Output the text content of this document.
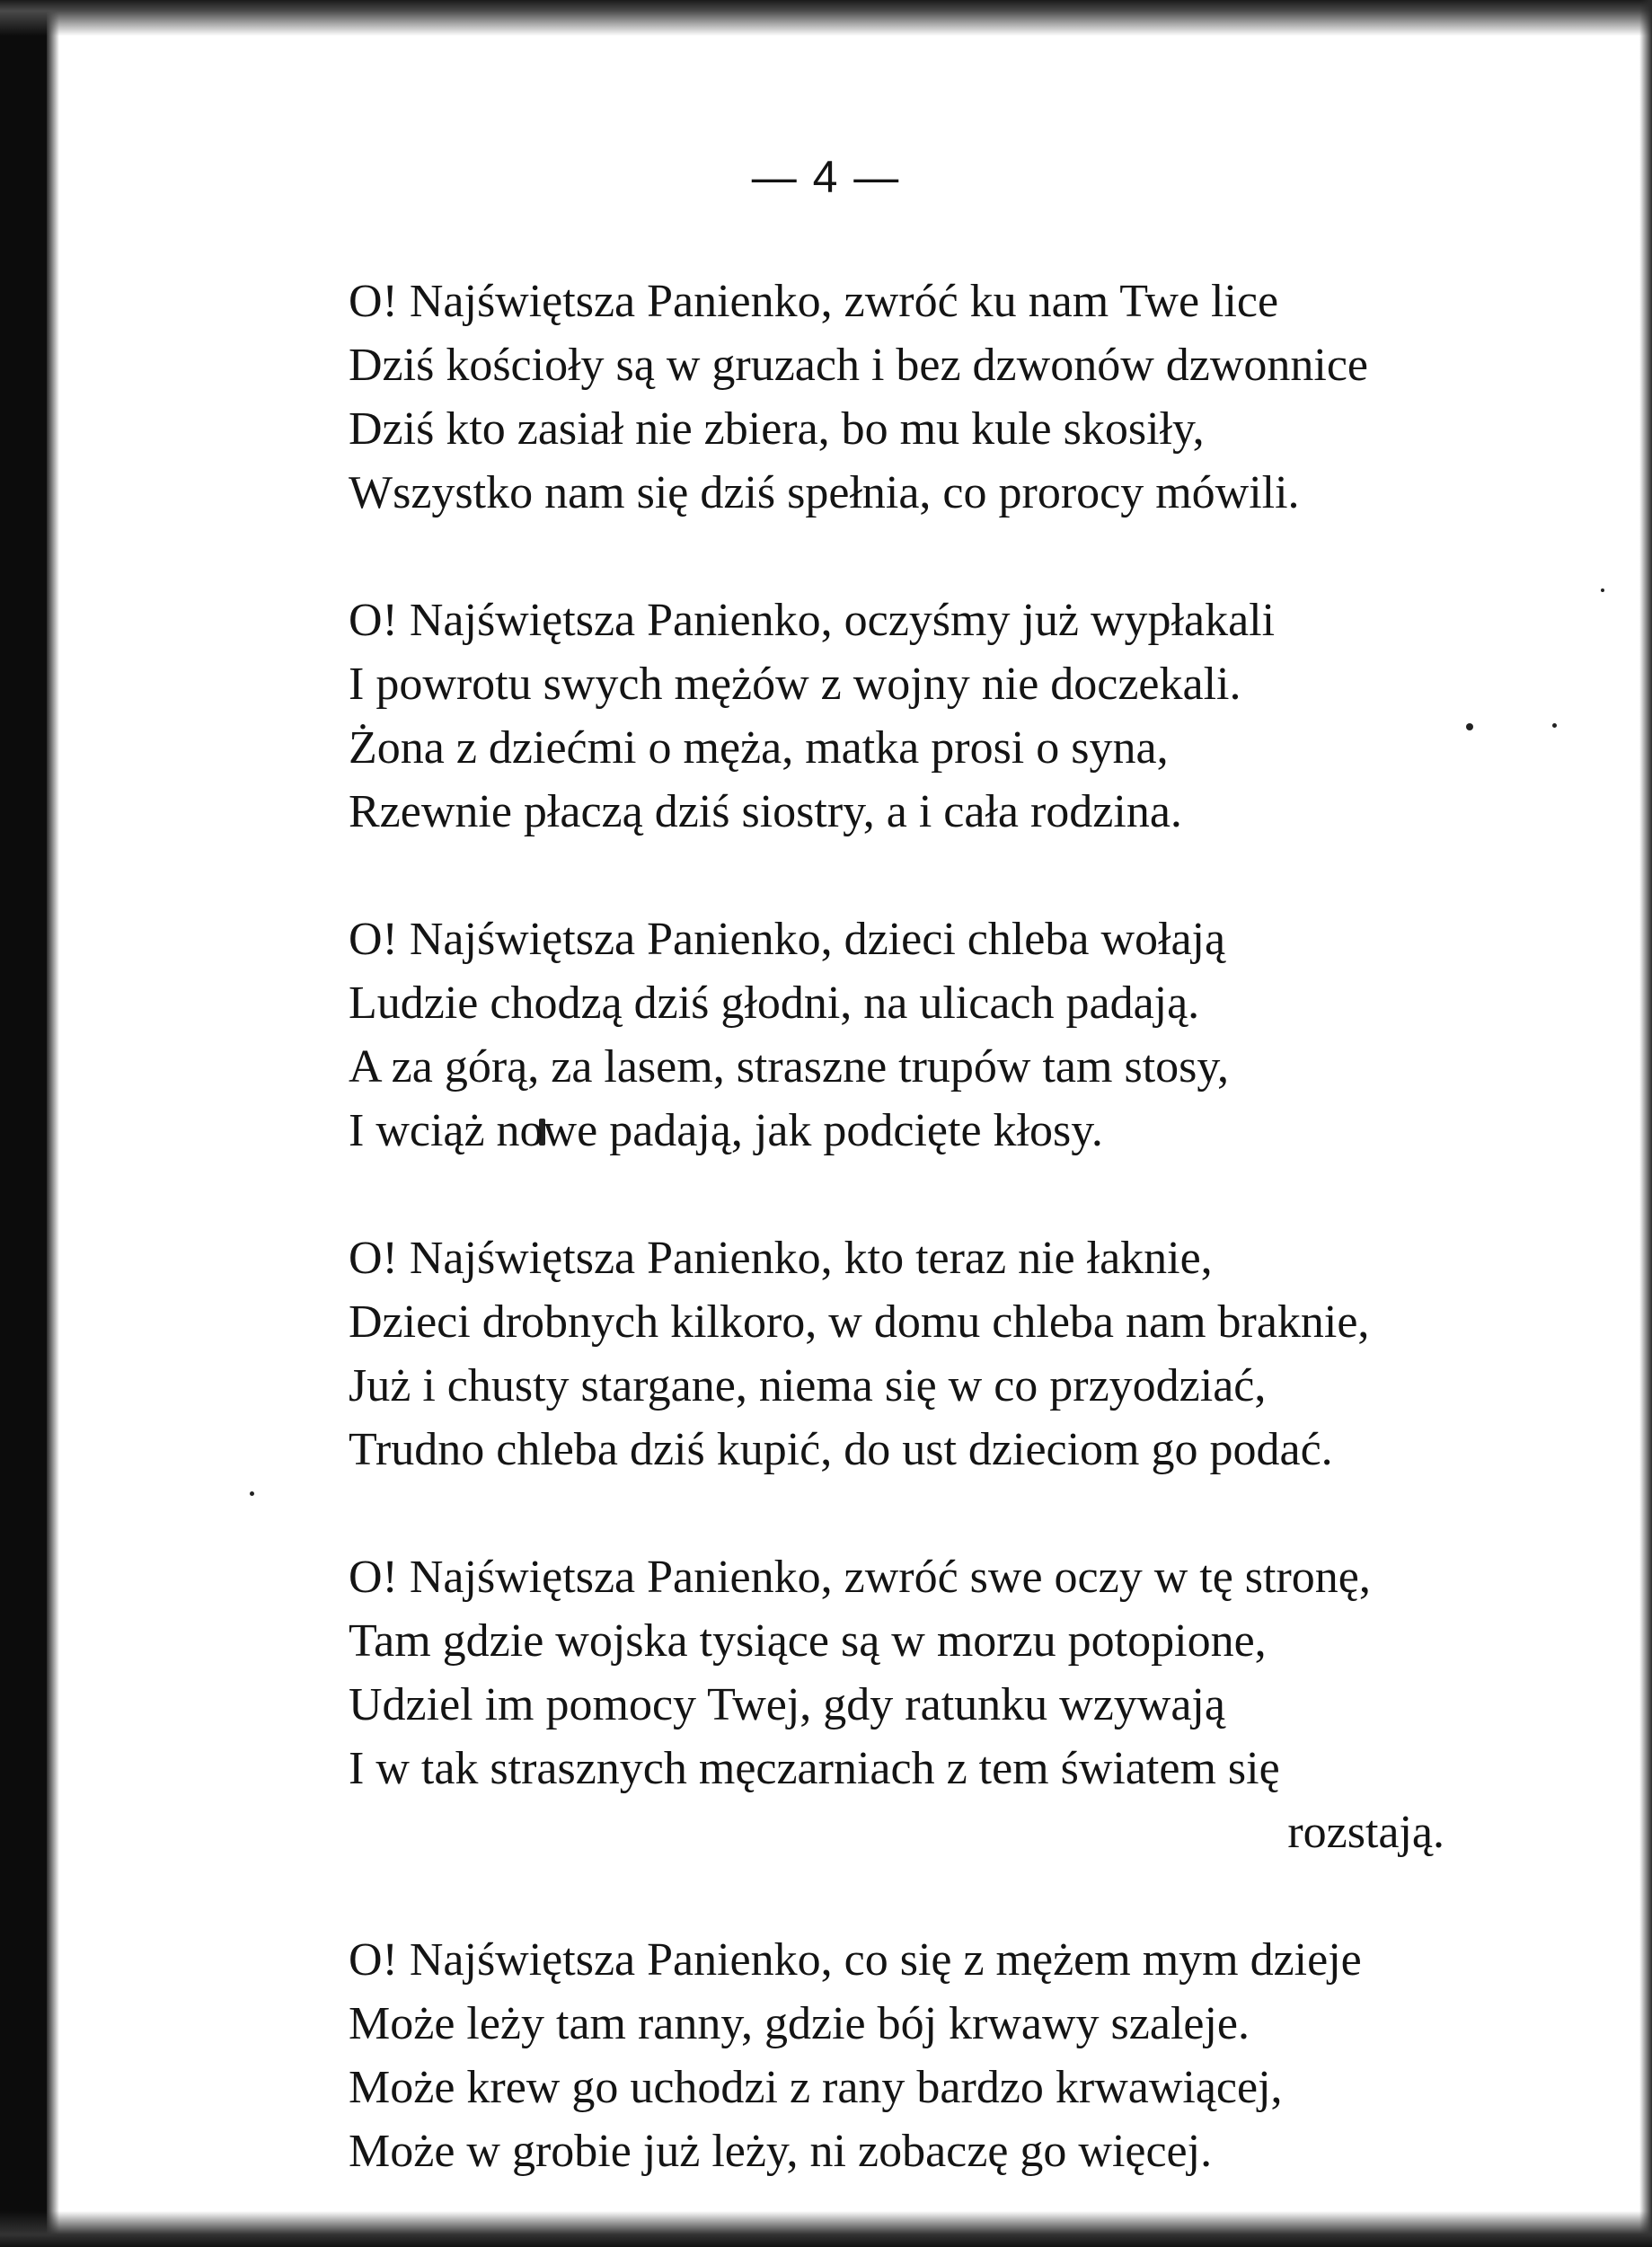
— 4 —
O! Najświętsza Panienko, zwróć ku nam Twe lice
Dziś kościoły są w gruzach i bez dzwonów dzwonnice
Dziś kto zasiał nie zbiera, bo mu kule skosiły,
Wszystko nam się dziś spełnia, co prorocy mówili.
O! Najświętsza Panienko, oczyśmy już wypłakali
I powrotu swych mężów z wojny nie doczekali.
Żona z dziećmi o męża, matka prosi o syna,
Rzewnie płaczą dziś siostry, a i cała rodzina.
O! Najświętsza Panienko, dzieci chleba wołają
Ludzie chodzą dziś głodni, na ulicach padają.
A za górą, za lasem, straszne trupów tam stosy,
I wciąż nowe padają, jak podcięte kłosy.
O! Najświętsza Panienko, kto teraz nie łaknie,
Dzieci drobnych kilkoro, w domu chleba nam braknie,
Już i chusty stargane, niema się w co przyodziać,
Trudno chleba dziś kupić, do ust dzieciom go podać.
O! Najświętsza Panienko, zwróć swe oczy w tę stronę,
Tam gdzie wojska tysiące są w morzu potopione,
Udziel im pomocy Twej, gdy ratunku wzywają
I w tak strasznych męczarniach z tem światem się
rozstają.
O! Najświętsza Panienko, co się z mężem mym dzieje
Może leży tam ranny, gdzie bój krwawy szaleje.
Może krew go uchodzi z rany bardzo krwawiącej,
Może w grobie już leży, ni zobaczę go więcej.
